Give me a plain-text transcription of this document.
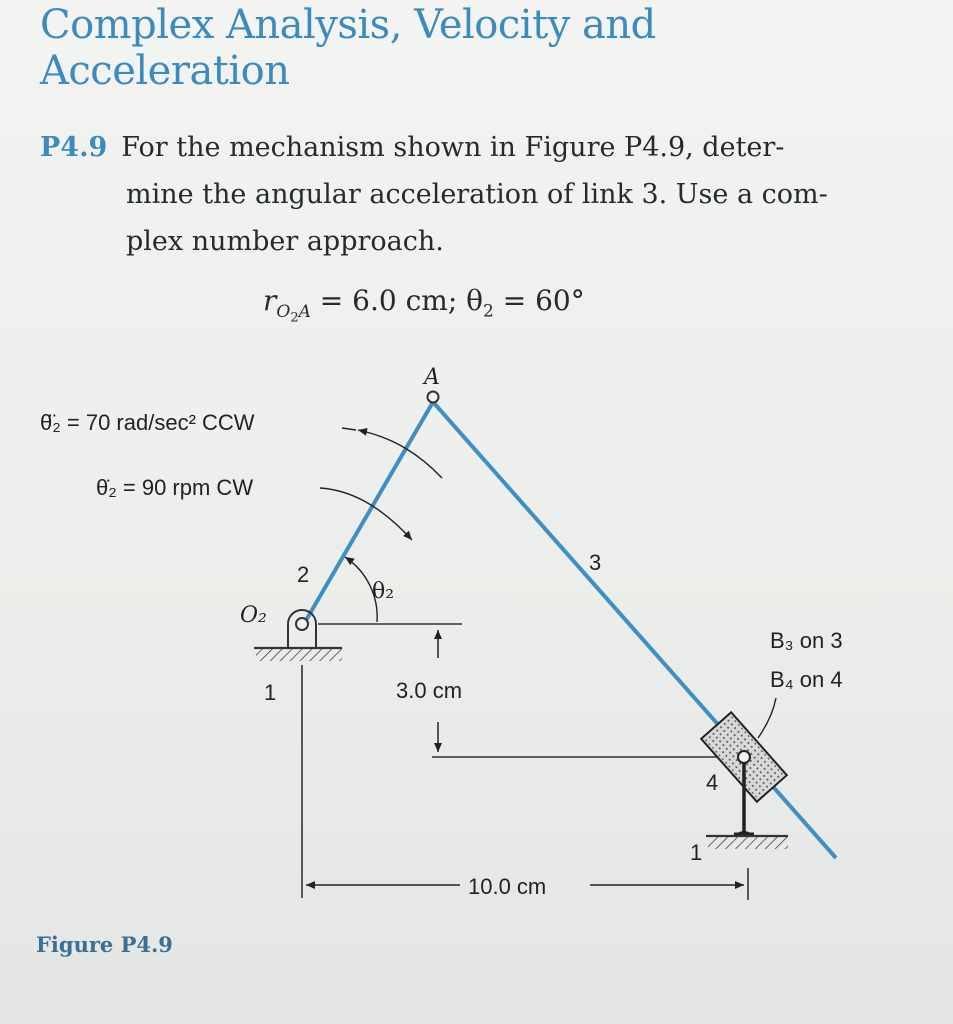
Complex Analysis, Velocity and
Acceleration
P4.9 For the mechanism shown in Figure P4.9, deter-
mine the angular acceleration of link 3. Use a com-
plex number approach.
$r_{O_2A} = 6.0$ cm; $\theta_2 = 60^\circ$
A
θ̈₂ = 70 rad/sec² CCW
θ̇₂ = 90 rpm CW
2
θ₂
O₂
1	3.0 cm
3
B₃ on 3
B₄ on 4
4
1
10.0 cm
Figure P4.9
